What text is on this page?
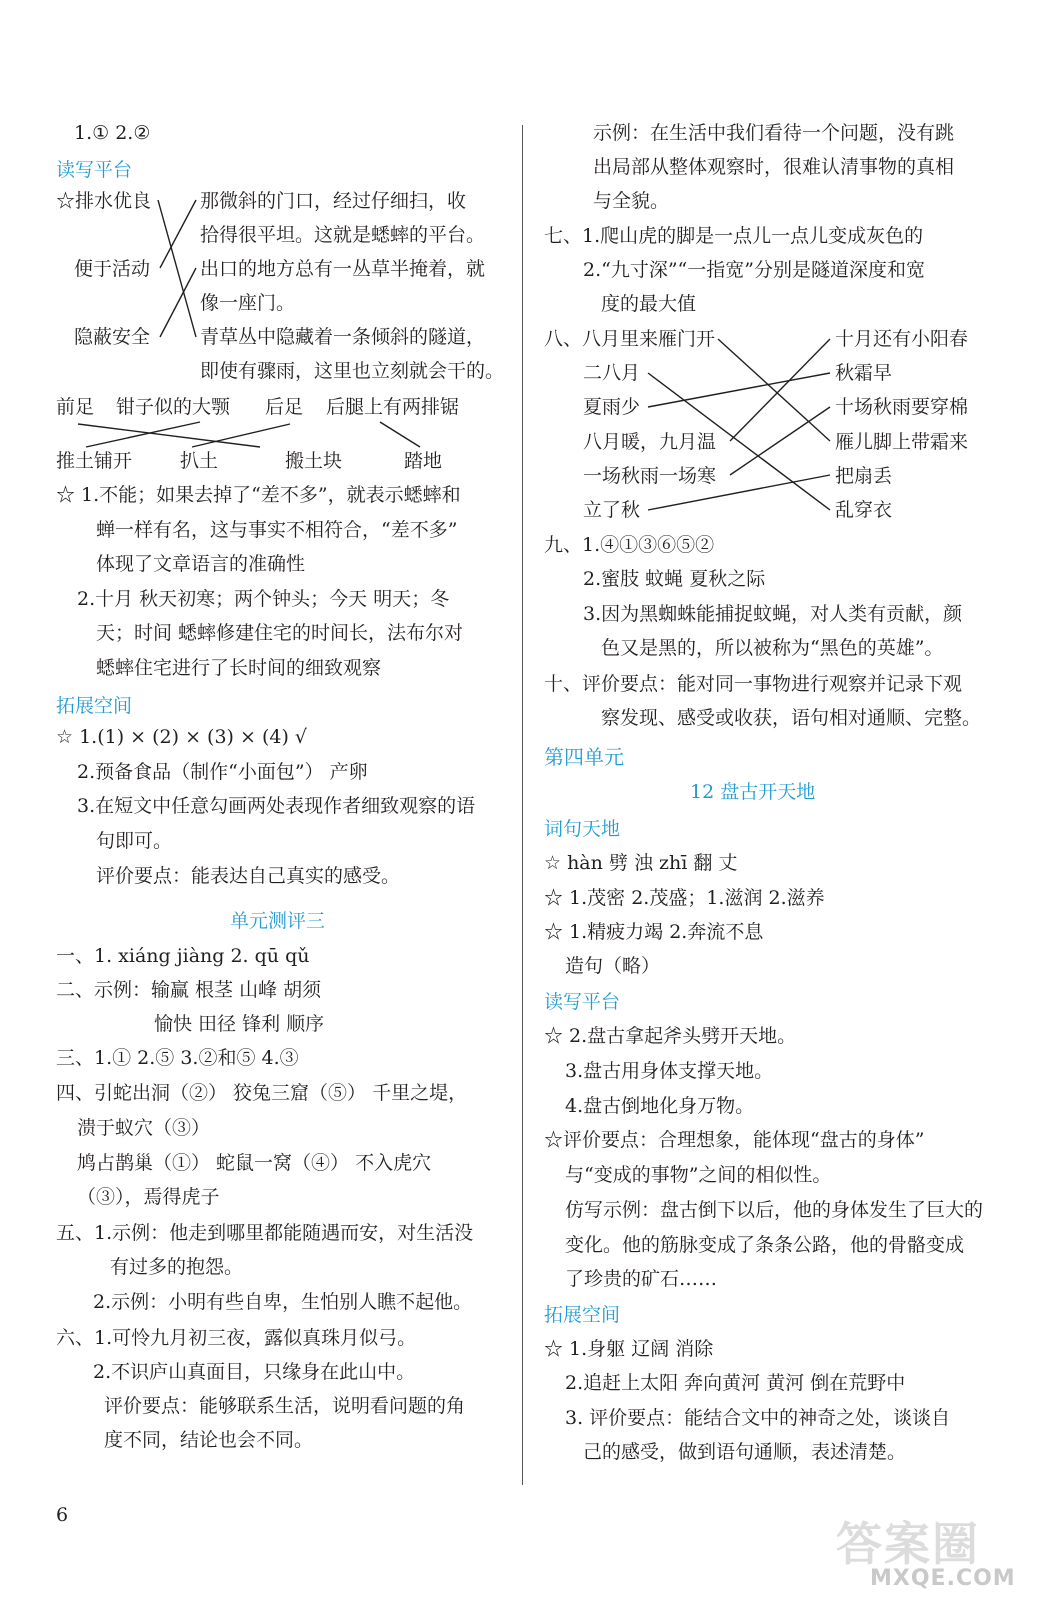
1.① 2.②
读写平台
☆排水优良
便于活动
隐蔽安全
那微斜的门口，经过仔细扫，收
拾得很平坦。这就是蟋蟀的平台。
出口的地方总有一丛草半掩着，就
像一座门。
青草丛中隐藏着一条倾斜的隧道，
即使有骤雨，这里也立刻就会干的。
前足 钳子似的大颚 后足 后腿上有两排锯
推土铺开	扒土	搬土块	踏地
☆ 1.不能；如果去掉了“差不多”，就表示蟋蟀和
蝉一样有名，这与事实不相符合，“差不多”
体现了文章语言的准确性
2.十月 秋天初寒；两个钟头；今天 明天；冬
天；时间 蟋蟀修建住宅的时间长，法布尔对
蟋蟀住宅进行了长时间的细致观察
拓展空间
☆ 1.(1) × (2) × (3) × (4) √
2.预备食品（制作“小面包”） 产卵
3.在短文中任意勾画两处表现作者细致观察的语
句即可。
评价要点：能表达自己真实的感受。
单元测评三
一、1. xiáng jiàng 2. qū qǔ
二、示例：输赢 根茎 山峰 胡须
愉快 田径 锋利 顺序
三、1.① 2.⑤ 3.②和⑤ 4.③
四、引蛇出洞（②） 狡兔三窟（⑤） 千里之堤，
溃于蚁穴（③）
鸠占鹊巢（①） 蛇鼠一窝（④） 不入虎穴
（③），焉得虎子
五、1.示例：他走到哪里都能随遇而安，对生活没
有过多的抱怨。
2.示例：小明有些自卑，生怕别人瞧不起他。
六、1.可怜九月初三夜，露似真珠月似弓。
2.不识庐山真面目，只缘身在此山中。
评价要点：能够联系生活，说明看问题的角
度不同，结论也会不同。
示例：在生活中我们看待一个问题，没有跳
出局部从整体观察时，很难认清事物的真相
与全貌。
七、1.爬山虎的脚是一点儿一点儿变成灰色的
2.“九寸深”“一指宽”分别是隧道深度和宽
度的最大值
八、八月里来雁门开
二八月
夏雨少
八月暖，九月温
一场秋雨一场寒
立了秋
十月还有小阳春
秋霜早
十场秋雨要穿棉
雁儿脚上带霜来
把扇丢
乱穿衣
九、1.④①③⑥⑤②
2.蜜肢 蚊蝇 夏秋之际
3.因为黑蜘蛛能捕捉蚊蝇，对人类有贡献，颜
色又是黑的，所以被称为“黑色的英雄”。
十、评价要点：能对同一事物进行观察并记录下观
察发现、感受或收获，语句相对通顺、完整。
第四单元
12 盘古开天地
词句天地
☆ hàn 劈 浊 zhī 翻 丈
☆ 1.茂密 2.茂盛；1.滋润 2.滋养
☆ 1.精疲力竭 2.奔流不息
造句（略）
读写平台
☆ 2.盘古拿起斧头劈开天地。
3.盘古用身体支撑天地。
4.盘古倒地化身万物。
☆评价要点：合理想象，能体现“盘古的身体”
与“变成的事物”之间的相似性。
仿写示例：盘古倒下以后，他的身体发生了巨大的
变化。他的筋脉变成了条条公路，他的骨骼变成
了珍贵的矿石……
拓展空间
☆ 1.身躯 辽阔 消除
2.追赶上太阳 奔向黄河 黄河 倒在荒野中
3. 评价要点：能结合文中的神奇之处，谈谈自
己的感受，做到语句通顺，表述清楚。
6
答案圈
MXQE.COM
